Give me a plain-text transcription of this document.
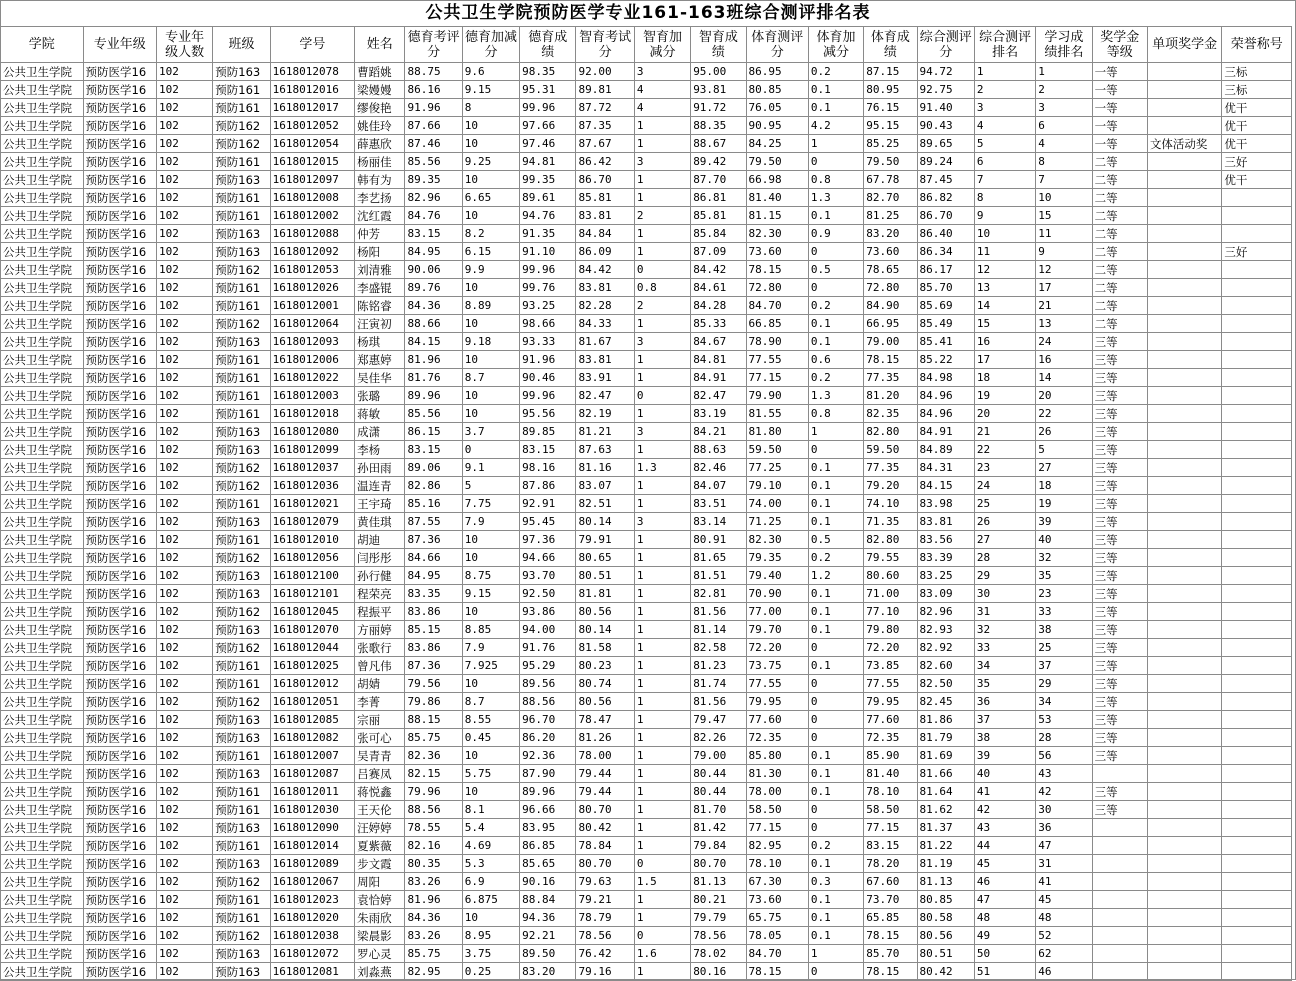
公共卫生学院预防医学专业161-163班综合测评排名表
学院	专业年级	专业年级人数	班级	学号	姓名	德育考评分	德育加减分	德育成绩	智育考试分	智育加减分	智育成绩	体育测评分	体育加减分	体育成绩	综合测评分	综合测评排名	学习成绩排名	奖学金等级	单项奖学金	荣誉称号
公共卫生学院	预防医学16	102	预防163	1618012078	曹蹈姚	88.75	9.6	98.35	92.00	3	95.00	86.95	0.2	87.15	94.72	1	1	一等		三标
公共卫生学院	预防医学16	102	预防161	1618012016	梁嫚嫚	86.16	9.15	95.31	89.81	4	93.81	80.85	0.1	80.95	92.75	2	2	一等		三标
公共卫生学院	预防医学16	102	预防161	1618012017	缪俊艳	91.96	8	99.96	87.72	4	91.72	76.05	0.1	76.15	91.40	3	3	一等		优干
公共卫生学院	预防医学16	102	预防162	1618012052	姚佳玲	87.66	10	97.66	87.35	1	88.35	90.95	4.2	95.15	90.43	4	6	一等		优干
公共卫生学院	预防医学16	102	预防162	1618012054	薛惠欣	87.46	10	97.46	87.67	1	88.67	84.25	1	85.25	89.65	5	4	一等	文体活动奖	优干
公共卫生学院	预防医学16	102	预防161	1618012015	杨丽佳	85.56	9.25	94.81	86.42	3	89.42	79.50	0	79.50	89.24	6	8	二等		三好
公共卫生学院	预防医学16	102	预防163	1618012097	韩有为	89.35	10	99.35	86.70	1	87.70	66.98	0.8	67.78	87.45	7	7	二等		优干
公共卫生学院	预防医学16	102	预防161	1618012008	李艺扬	82.96	6.65	89.61	85.81	1	86.81	81.40	1.3	82.70	86.82	8	10	二等		
公共卫生学院	预防医学16	102	预防161	1618012002	沈红霞	84.76	10	94.76	83.81	2	85.81	81.15	0.1	81.25	86.70	9	15	二等		
公共卫生学院	预防医学16	102	预防163	1618012088	仲芳	83.15	8.2	91.35	84.84	1	85.84	82.30	0.9	83.20	86.40	10	11	二等		
公共卫生学院	预防医学16	102	预防163	1618012092	杨阳	84.95	6.15	91.10	86.09	1	87.09	73.60	0	73.60	86.34	11	9	二等		三好
公共卫生学院	预防医学16	102	预防162	1618012053	刘清雅	90.06	9.9	99.96	84.42	0	84.42	78.15	0.5	78.65	86.17	12	12	二等		
公共卫生学院	预防医学16	102	预防161	1618012026	李盛锟	89.76	10	99.76	83.81	0.8	84.61	72.80	0	72.80	85.70	13	17	二等		
公共卫生学院	预防医学16	102	预防161	1618012001	陈铭睿	84.36	8.89	93.25	82.28	2	84.28	84.70	0.2	84.90	85.69	14	21	二等		
公共卫生学院	预防医学16	102	预防162	1618012064	汪寅初	88.66	10	98.66	84.33	1	85.33	66.85	0.1	66.95	85.49	15	13	二等		
公共卫生学院	预防医学16	102	预防163	1618012093	杨琪	84.15	9.18	93.33	81.67	3	84.67	78.90	0.1	79.00	85.41	16	24	三等		
公共卫生学院	预防医学16	102	预防161	1618012006	郑惠婷	81.96	10	91.96	83.81	1	84.81	77.55	0.6	78.15	85.22	17	16	三等		
公共卫生学院	预防医学16	102	预防161	1618012022	吴佳华	81.76	8.7	90.46	83.91	1	84.91	77.15	0.2	77.35	84.98	18	14	三等		
公共卫生学院	预防医学16	102	预防161	1618012003	张璐	89.96	10	99.96	82.47	0	82.47	79.90	1.3	81.20	84.96	19	20	三等		
公共卫生学院	预防医学16	102	预防161	1618012018	蒋敏	85.56	10	95.56	82.19	1	83.19	81.55	0.8	82.35	84.96	20	22	三等		
公共卫生学院	预防医学16	102	预防163	1618012080	成潇	86.15	3.7	89.85	81.21	3	84.21	81.80	1	82.80	84.91	21	26	三等		
公共卫生学院	预防医学16	102	预防163	1618012099	李杨	83.15	0	83.15	87.63	1	88.63	59.50	0	59.50	84.89	22	5	三等		
公共卫生学院	预防医学16	102	预防162	1618012037	孙田雨	89.06	9.1	98.16	81.16	1.3	82.46	77.25	0.1	77.35	84.31	23	27	三等		
公共卫生学院	预防医学16	102	预防162	1618012036	温连青	82.86	5	87.86	83.07	1	84.07	79.10	0.1	79.20	84.15	24	18	三等		
公共卫生学院	预防医学16	102	预防161	1618012021	王宇琦	85.16	7.75	92.91	82.51	1	83.51	74.00	0.1	74.10	83.98	25	19	三等		
公共卫生学院	预防医学16	102	预防163	1618012079	黄佳琪	87.55	7.9	95.45	80.14	3	83.14	71.25	0.1	71.35	83.81	26	39	三等		
公共卫生学院	预防医学16	102	预防161	1618012010	胡迪	87.36	10	97.36	79.91	1	80.91	82.30	0.5	82.80	83.56	27	40	三等		
公共卫生学院	预防医学16	102	预防162	1618012056	闫彤彤	84.66	10	94.66	80.65	1	81.65	79.35	0.2	79.55	83.39	28	32	三等		
公共卫生学院	预防医学16	102	预防163	1618012100	孙行健	84.95	8.75	93.70	80.51	1	81.51	79.40	1.2	80.60	83.25	29	35	三等		
公共卫生学院	预防医学16	102	预防163	1618012101	程荣亮	83.35	9.15	92.50	81.81	1	82.81	70.90	0.1	71.00	83.09	30	23	三等		
公共卫生学院	预防医学16	102	预防162	1618012045	程振平	83.86	10	93.86	80.56	1	81.56	77.00	0.1	77.10	82.96	31	33	三等		
公共卫生学院	预防医学16	102	预防163	1618012070	方丽婷	85.15	8.85	94.00	80.14	1	81.14	79.70	0.1	79.80	82.93	32	38	三等		
公共卫生学院	预防医学16	102	预防162	1618012044	张歌行	83.86	7.9	91.76	81.58	1	82.58	72.20	0	72.20	82.92	33	25	三等		
公共卫生学院	预防医学16	102	预防161	1618012025	曾凡伟	87.36	7.925	95.29	80.23	1	81.23	73.75	0.1	73.85	82.60	34	37	三等		
公共卫生学院	预防医学16	102	预防161	1618012012	胡婧	79.56	10	89.56	80.74	1	81.74	77.55	0	77.55	82.50	35	29	三等		
公共卫生学院	预防医学16	102	预防162	1618012051	李菁	79.86	8.7	88.56	80.56	1	81.56	79.95	0	79.95	82.45	36	34	三等		
公共卫生学院	预防医学16	102	预防163	1618012085	宗丽	88.15	8.55	96.70	78.47	1	79.47	77.60	0	77.60	81.86	37	53	三等		
公共卫生学院	预防医学16	102	预防163	1618012082	张可心	85.75	0.45	86.20	81.26	1	82.26	72.35	0	72.35	81.79	38	28	三等		
公共卫生学院	预防医学16	102	预防161	1618012007	吴青青	82.36	10	92.36	78.00	1	79.00	85.80	0.1	85.90	81.69	39	56	三等		
公共卫生学院	预防医学16	102	预防163	1618012087	吕赛凤	82.15	5.75	87.90	79.44	1	80.44	81.30	0.1	81.40	81.66	40	43			
公共卫生学院	预防医学16	102	预防161	1618012011	蒋悦鑫	79.96	10	89.96	79.44	1	80.44	78.00	0.1	78.10	81.64	41	42	三等		
公共卫生学院	预防医学16	102	预防161	1618012030	王天伦	88.56	8.1	96.66	80.70	1	81.70	58.50	0	58.50	81.62	42	30	三等		
公共卫生学院	预防医学16	102	预防163	1618012090	汪婷婷	78.55	5.4	83.95	80.42	1	81.42	77.15	0	77.15	81.37	43	36			
公共卫生学院	预防医学16	102	预防161	1618012014	夏紫薇	82.16	4.69	86.85	78.84	1	79.84	82.95	0.2	83.15	81.22	44	47			
公共卫生学院	预防医学16	102	预防163	1618012089	步文霞	80.35	5.3	85.65	80.70	0	80.70	78.10	0.1	78.20	81.19	45	31			
公共卫生学院	预防医学16	102	预防162	1618012067	周阳	83.26	6.9	90.16	79.63	1.5	81.13	67.30	0.3	67.60	81.13	46	41			
公共卫生学院	预防医学16	102	预防161	1618012023	袁恰婷	81.96	6.875	88.84	79.21	1	80.21	73.60	0.1	73.70	80.85	47	45			
公共卫生学院	预防医学16	102	预防161	1618012020	朱雨欣	84.36	10	94.36	78.79	1	79.79	65.75	0.1	65.85	80.58	48	48			
公共卫生学院	预防医学16	102	预防162	1618012038	梁晨影	83.26	8.95	92.21	78.56	0	78.56	78.05	0.1	78.15	80.56	49	52			
公共卫生学院	预防医学16	102	预防163	1618012072	罗心灵	85.75	3.75	89.50	76.42	1.6	78.02	84.70	1	85.70	80.51	50	62			
公共卫生学院	预防医学16	102	预防163	1618012081	刘淼燕	82.95	0.25	83.20	79.16	1	80.16	78.15	0	78.15	80.42	51	46			
